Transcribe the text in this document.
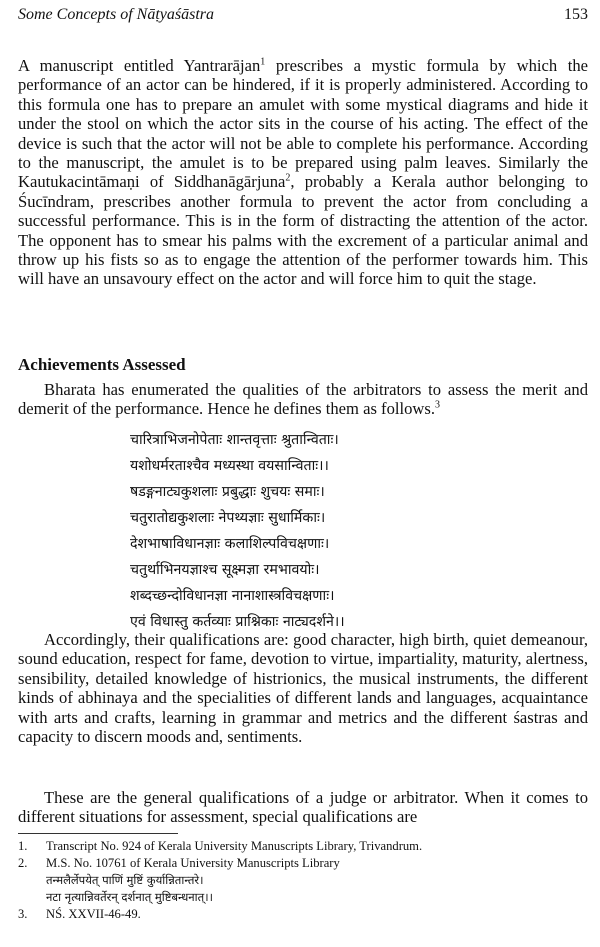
Some Concepts of Nāṭyaśāstra	153

A manuscript entitled Yantrarājan$^1$ prescribes a mystic formula by which the performance of an actor can be hindered, if it is properly administered. According to this formula one has to prepare an amulet with some mystical diagrams and hide it under the stool on which the actor sits in the course of his acting. The effect of the device is such that the actor will not be able to complete his performance. According to the manuscript, the amulet is to be prepared using palm leaves. Similarly the Kautukacintāmaṇi of Siddhanāgārjuna$^2$, probably a Kerala author belonging to Śucīndram, prescribes another formula to prevent the actor from concluding a successful performance. This is in the form of distracting the attention of the actor. The opponent has to smear his palms with the excrement of a particular animal and throw up his fists so as to engage the attention of the performer towards him. This will have an unsavoury effect on the actor and will force him to quit the stage.

Achievements Assessed

Bharata has enumerated the qualities of the arbitrators to assess the merit and demerit of the performance. Hence he defines them as follows.$^3$

चारित्राभिजनोपेताः शान्तवृत्ताः श्रुतान्विताः।
यशोधर्मरताश्चैव मध्यस्था वयसान्विताः।।
षडङ्गनाट्यकुशलाः प्रबुद्धाः शुचयः समाः।
चतुरातोद्यकुशलाः नेपथ्यज्ञाः सुधार्मिकाः।
देशभाषाविधानज्ञाः कलाशिल्पविचक्षणाः।
चतुर्थाभिनयज्ञाश्च सूक्ष्मज्ञा रमभावयोः।
शब्दच्छन्दोविधानज्ञा नानाशास्त्रविचक्षणाः।
एवं विधास्तु कर्तव्याः प्राश्निकाः नाट्यदर्शने।।

Accordingly, their qualifications are: good character, high birth, quiet demeanour, sound education, respect for fame, devotion to virtue, impartiality, maturity, alertness, sensibility, detailed knowledge of histrionics, the musical instruments, the different kinds of abhinaya and the specialities of different lands and languages, acquaintance with arts and crafts, learning in grammar and metrics and the different śastras and capacity to discern moods and, sentiments.

These are the general qualifications of a judge or arbitrator. When it comes to different situations for assessment, special qualifications are

1. Transcript No. 924 of Kerala University Manuscripts Library, Trivandrum.
2. M.S. No. 10761 of Kerala University Manuscripts Library
तन्मलैर्लेपयेत् पाणिं मुष्टिं कुर्यान्नितान्तरे।
नटा नृत्यान्निवर्तेरन् दर्शनात् मुष्टिबन्धनात्।।
3. NŚ. XXVII-46-49.
